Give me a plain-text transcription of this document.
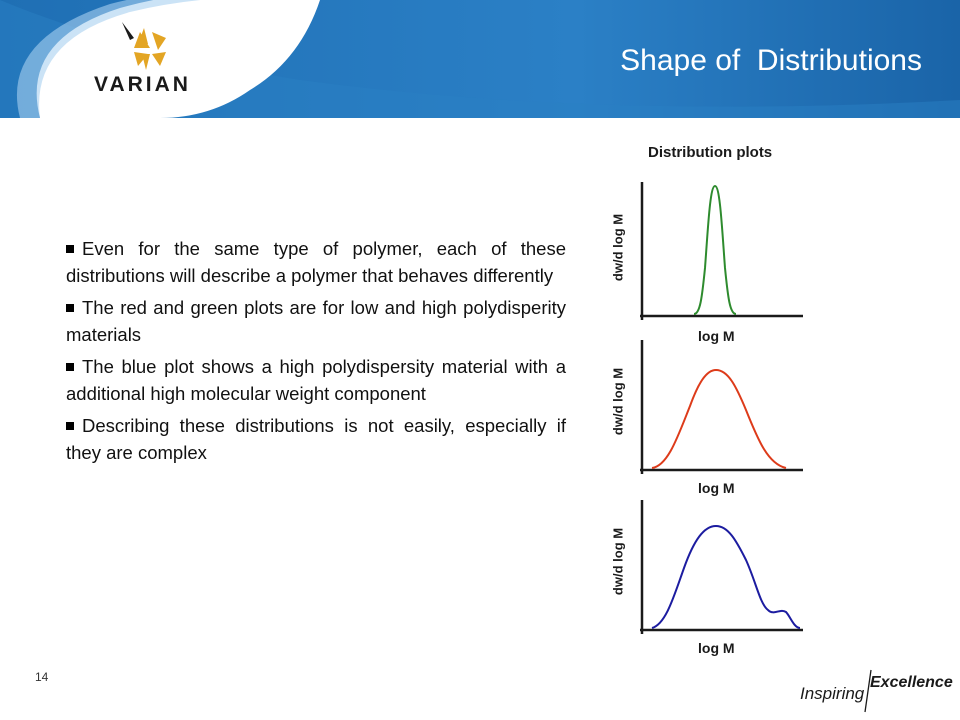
Shape of  Distributions
VARIAN
Even for the same type of polymer, each of these distributions will describe a polymer that behaves differently
The red and green plots are for low and high polydisperity materials
The blue plot shows a high polydispersity material with a additional high molecular weight component
Describing these distributions is not easily, especially if they are complex
Distribution plots
dw/d log M
log M
dw/d log M
log M
dw/d log M
log M
14
Inspiring
Excellence
